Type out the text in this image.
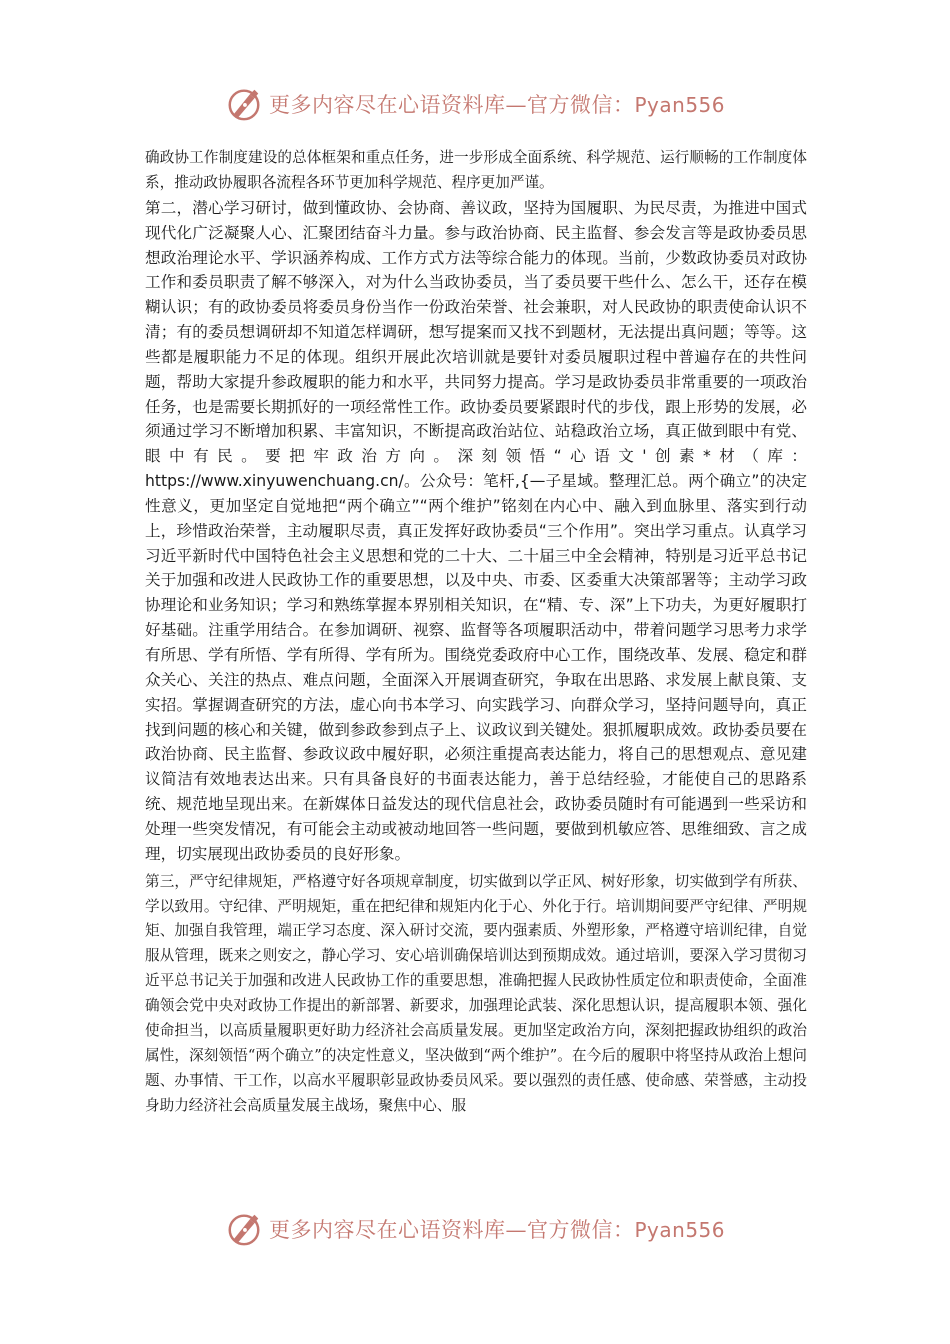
更多内容尽在心语资料库—官方微信：Pyan556

确政协工作制度建设的总体框架和重点任务，进一步形成全面系统、科学规范、运行顺畅的工作制度体系，推动政协履职各流程各环节更加科学规范、程序更加严谨。

第二，潜心学习研讨，做到懂政协、会协商、善议政，坚持为国履职、为民尽责，为推进中国式现代化广泛凝聚人心、汇聚团结奋斗力量。参与政治协商、民主监督、参会发言等是政协委员思想政治理论水平、学识涵养构成、工作方式方法等综合能力的体现。当前，少数政协委员对政协工作和委员职责了解不够深入，对为什么当政协委员，当了委员要干些什么、怎么干，还存在模糊认识；有的政协委员将委员身份当作一份政治荣誉、社会兼职，对人民政协的职责使命认识不清；有的委员想调研却不知道怎样调研，想写提案而又找不到题材，无法提出真问题；等等。这些都是履职能力不足的体现。组织开展此次培训就是要针对委员履职过程中普遍存在的共性问题，帮助大家提升参政履职的能力和水平，共同努力提高。学习是政协委员非常重要的一项政治任务，也是需要长期抓好的一项经常性工作。政协委员要紧跟时代的步伐，跟上形势的发展，必须通过学习不断增加积累、丰富知识，不断提高政治站位、站稳政治立场，真正做到眼中有党、眼中有民。要把牢政治方向。深刻领悟“心语文'创素*材（库：https://www.xinyuwenchuang.cn/。公众号：笔杆,{—子星域。整理汇总。两个确立”的决定性意义，更加坚定自觉地把“两个确立”“两个维护”铭刻在内心中、融入到血脉里、落实到行动上，珍惜政治荣誉，主动履职尽责，真正发挥好政协委员“三个作用”。突出学习重点。认真学习习近平新时代中国特色社会主义思想和党的二十大、二十届三中全会精神，特别是习近平总书记关于加强和改进人民政协工作的重要思想，以及中央、市委、区委重大决策部署等；主动学习政协理论和业务知识；学习和熟练掌握本界别相关知识，在“精、专、深”上下功夫，为更好履职打好基础。注重学用结合。在参加调研、视察、监督等各项履职活动中，带着问题学习思考力求学有所思、学有所悟、学有所得、学有所为。围绕党委政府中心工作，围绕改革、发展、稳定和群众关心、关注的热点、难点问题，全面深入开展调查研究，争取在出思路、求发展上献良策、支实招。掌握调查研究的方法，虚心向书本学习、向实践学习、向群众学习，坚持问题导向，真正找到问题的核心和关键，做到参政参到点子上、议政议到关键处。狠抓履职成效。政协委员要在政治协商、民主监督、参政议政中履好职，必须注重提高表达能力，将自己的思想观点、意见建议简洁有效地表达出来。只有具备良好的书面表达能力，善于总结经验，才能使自己的思路系统、规范地呈现出来。在新媒体日益发达的现代信息社会，政协委员随时有可能遇到一些采访和处理一些突发情况，有可能会主动或被动地回答一些问题，要做到机敏应答、思维细致、言之成理，切实展现出政协委员的良好形象。

第三，严守纪律规矩，严格遵守好各项规章制度，切实做到以学正风、树好形象，切实做到学有所获、学以致用。守纪律、严明规矩，重在把纪律和规矩内化于心、外化于行。培训期间要严守纪律、严明规矩、加强自我管理，端正学习态度、深入研讨交流，要内强素质、外塑形象，严格遵守培训纪律，自觉服从管理，既来之则安之，静心学习、安心培训确保培训达到预期成效。通过培训，要深入学习贯彻习近平总书记关于加强和改进人民政协工作的重要思想，准确把握人民政协性质定位和职责使命，全面准确领会党中央对政协工作提出的新部署、新要求，加强理论武装、深化思想认识，提高履职本领、强化使命担当，以高质量履职更好助力经济社会高质量发展。更加坚定政治方向，深刻把握政协组织的政治属性，深刻领悟“两个确立”的决定性意义，坚决做到“两个维护”。在今后的履职中将坚持从政治上想问题、办事情、干工作，以高水平履职彰显政协委员风采。要以强烈的责任感、使命感、荣誉感，主动投身助力经济社会高质量发展主战场，聚焦中心、服

更多内容尽在心语资料库—官方微信：Pyan556
